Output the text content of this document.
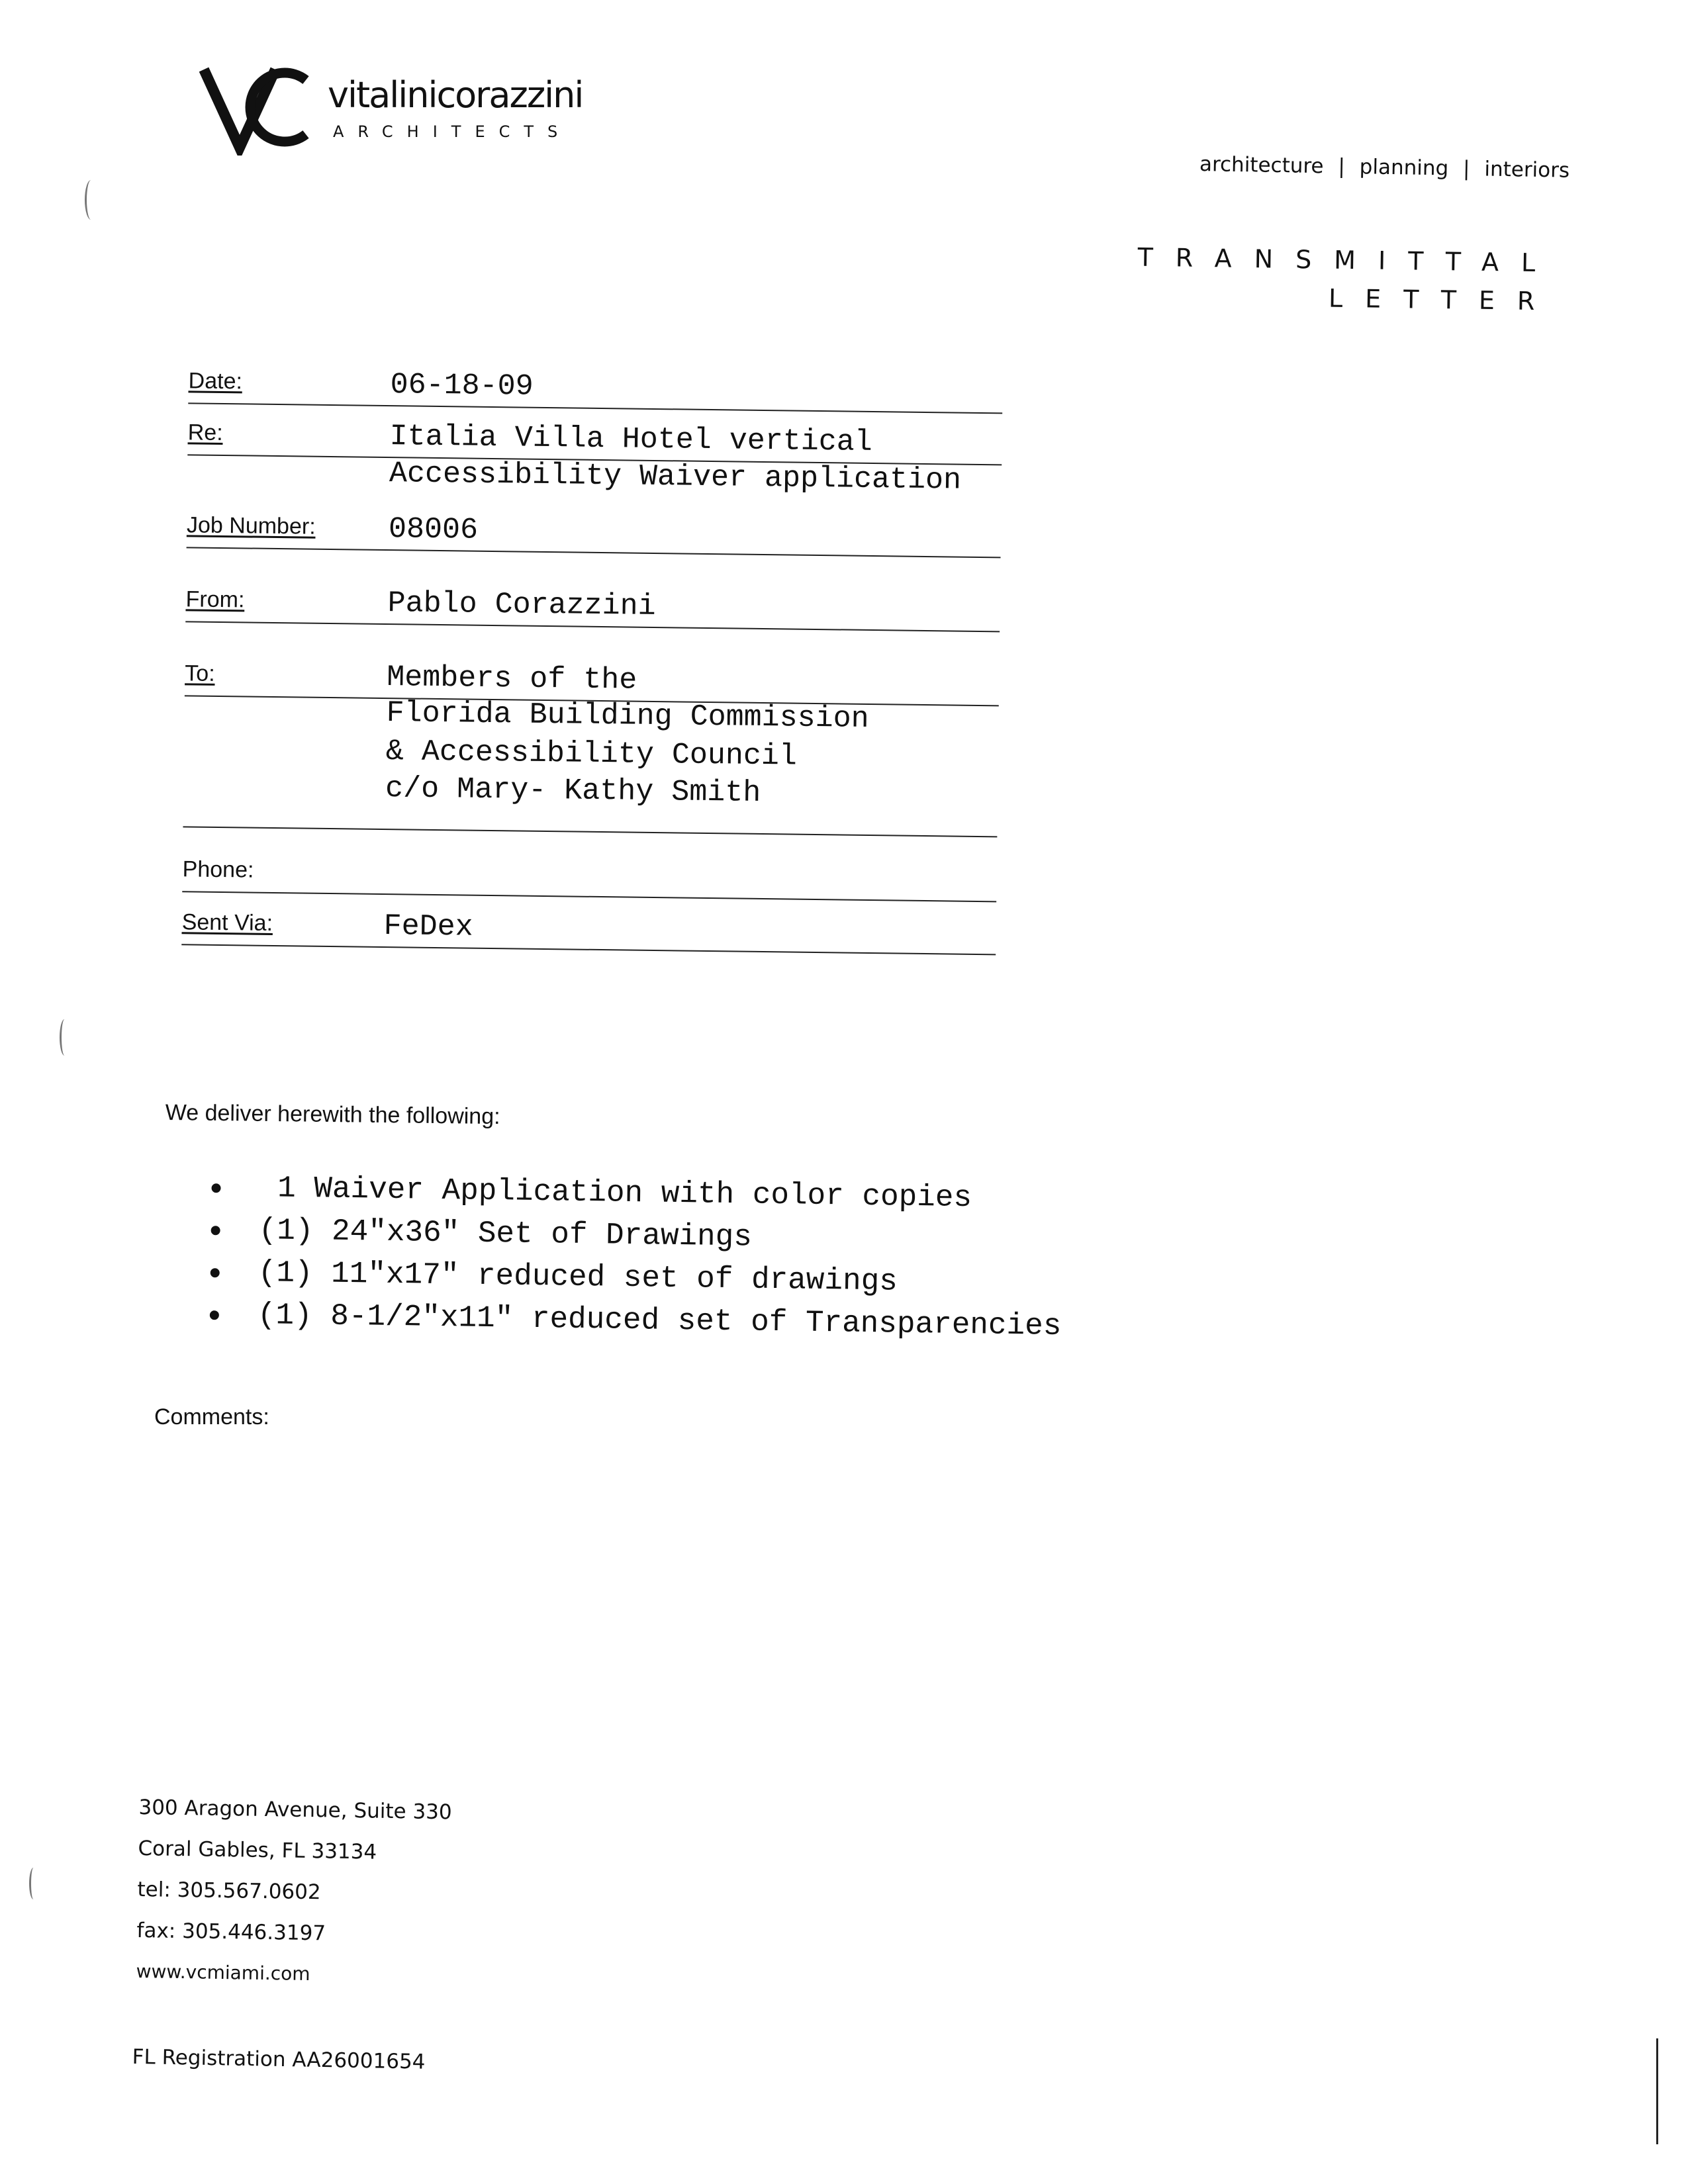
vitalinicorazzini
ARCHITECTS
architecture | planning | interiors
TRANSMITTAL
LETTER
Date:	06-18-09
Re:	Italia Villa Hotel vertical
Accessibility Waiver application
Job Number: 08006
From:	Pablo Corazzini
To:	Members of the
Florida Building Commission
& Accessibility Council
c/o Mary- Kathy Smith
Phone:
Sent Via:	FeDex
We deliver herewith the following:
1 Waiver Application with color copies
(1) 24"x36" Set of Drawings
(1) 11"x17" reduced set of drawings
(1) 8-1/2"x11" reduced set of Transparencies
Comments:
300 Aragon Avenue, Suite 330
Coral Gables, FL 33134
tel: 305.567.0602
fax: 305.446.3197
www.vcmiami.com
FL Registration AA26001654
